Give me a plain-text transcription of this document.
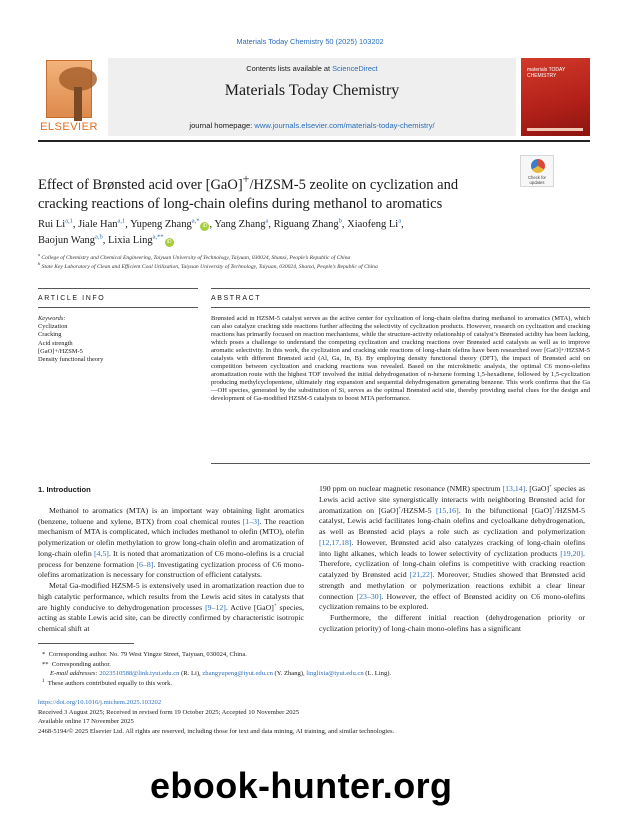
Materials Today Chemistry 50 (2025) 103202
ELSEVIER
Contents lists available at ScienceDirect
Materials Today Chemistry
journal homepage: www.journals.elsevier.com/materials-today-chemistry/
materials TODAY CHEMISTRY
Check for updates
Effect of Brønsted acid over [GaO]+/HZSM-5 zeolite on cyclization and cracking reactions of long-chain olefins during methanol to aromatics
Rui Li$^{a,1}$, Jiale Han$^{a,1}$, Yupeng Zhang$^{a,*}$iD , Yang Zhang$^a$, Riguang Zhang$^b$, Xiaofeng Li$^a$,
Baojun Wang$^{a,b}$, Lixia Ling$^{a,**}$iD
$^a$ College of Chemistry and Chemical Engineering, Taiyuan University of Technology, Taiyuan, 030024, Shanxi, People’s Republic of China
$^b$ State Key Laboratory of Clean and Efficient Coal Utilization, Taiyuan University of Technology, Taiyuan, 030024, Shanxi, People’s Republic of China
ARTICLE INFO	ABSTRACT
Keywords:
Cyclization
Cracking
Acid strength
[GaO]+/HZSM-5
Density functional theory
Brønsted acid in HZSM-5 catalyst serves as the active center for cyclization of long-chain olefins during methanol to aromatics (MTA), which can also catalyze cracking side reactions further affecting the selectivity of cyclization products. However, research on cyclization and cracking reactions has primarily focused on reaction mechanisms, while the structure-activity relationship of catalyst’s Brønsted acidity has been lacking, which poses a challenge to understand the competing cyclization and cracking reactions over Brønsted acid catalysts as well as to improve aromatic selectivity. In this work, the cyclization and cracking side reactions of long-chain olefins have been researched over [GaO]+/HZSM-5 catalysts with different Brønsted acid (Al, Ga, In, B). By employing density functional theory (DFT), the impact of Brønsted acid on competition between cyclization and cracking reactions was revealed. Based on the microkinetic analysis, the optimal C6 mono-olefins aromatization route with the highest TOF involved the initial dehydrogenation of n-hexene forming 1,5-hexadiene, followed by 1,5-cyclization producing methylcyclopentene, ultimately ring expansion and sequential dehydrogenation generating benzene. This work confirms that the Ga—OH species, generated by the substitution of Si, serves as the optimal Brønsted acid site, thereby providing useful clues for the design and development of Ga-modified HZSM-5 catalysts to boost MTA performance.
1. Introduction

Methanol to aromatics (MTA) is an important way obtaining light aromatics (benzene, toluene and xylene, BTX) from coal chemical routes [1–3]. The reaction mechanism of MTA is complicated, which includes methanol to olefin (MTO), olefin polymerization or olefin methylation to grow long-chain olefin and aromatization of long-chain olefin [4,5]. It is noted that aromatization of C6 mono-olefins is a crucial process for benzene formation [6–8]. Investigating cyclization process of C6 mono-olefins aromatization is necessary for construction of efficient catalysts.

Metal Ga-modified HZSM-5 is extensively used in aromatization reaction due to high catalytic performance, which results from the Lewis acid sites in catalysts that are highly conducive to dehydrogenation processes [9–12]. Active [GaO]+ species, acting as stable Lewis acid site, can be directly confirmed by characteristic isotropic chemical shift at

190 ppm on nuclear magnetic resonance (NMR) spectrum [13,14]. [GaO]+ species as Lewis acid active site synergistically interacts with neighboring Brønsted acid for aromatization on [GaO]+/HZSM-5 [15,16]. In the bifunctional [GaO]+/HZSM-5 catalyst, Lewis acid facilitates long-chain olefins and cycloalkane dehydrogenation, as well as Brønsted acid plays a role such as cyclization and polymerization [12,17,18]. However, Brønsted acid also catalyzes cracking of long-chain olefins into light alkanes, which leads to lower selectivity of cyclization products [19,20]. Therefore, cyclization of long-chain olefins is competitive with cracking reaction catalyzed by Brønsted acid [21,22]. Moreover, Studies showed that Brønsted acid strength and methylation or polymerization reactions exhibit a clear linear connection [23–30]. However, the effect of Brønsted acidity on C6 mono-olefins cyclization remains to be explored.

Furthermore, the different initial reaction (dehydrogenation priority or cyclization priority) of long-chain mono-olefins has a significant

* Corresponding author. No. 79 West Yingze Street, Taiyuan, 030024, China.
** Corresponding author.
E-mail addresses: 2023510588@link.tyut.edu.cn (R. Li), zhangyupeng@tyut.edu.cn (Y. Zhang), linglixia@tyut.edu.cn (L. Ling).
$^1$ These authors contributed equally to this work.
https://doi.org/10.1016/j.mtchem.2025.103202
Received 3 August 2025; Received in revised form 19 October 2025; Accepted 10 November 2025
Available online 17 November 2025
2468-5194/© 2025 Elsevier Ltd. All rights are reserved, including those for text and data mining, AI training, and similar technologies.
ebook-hunter.org
